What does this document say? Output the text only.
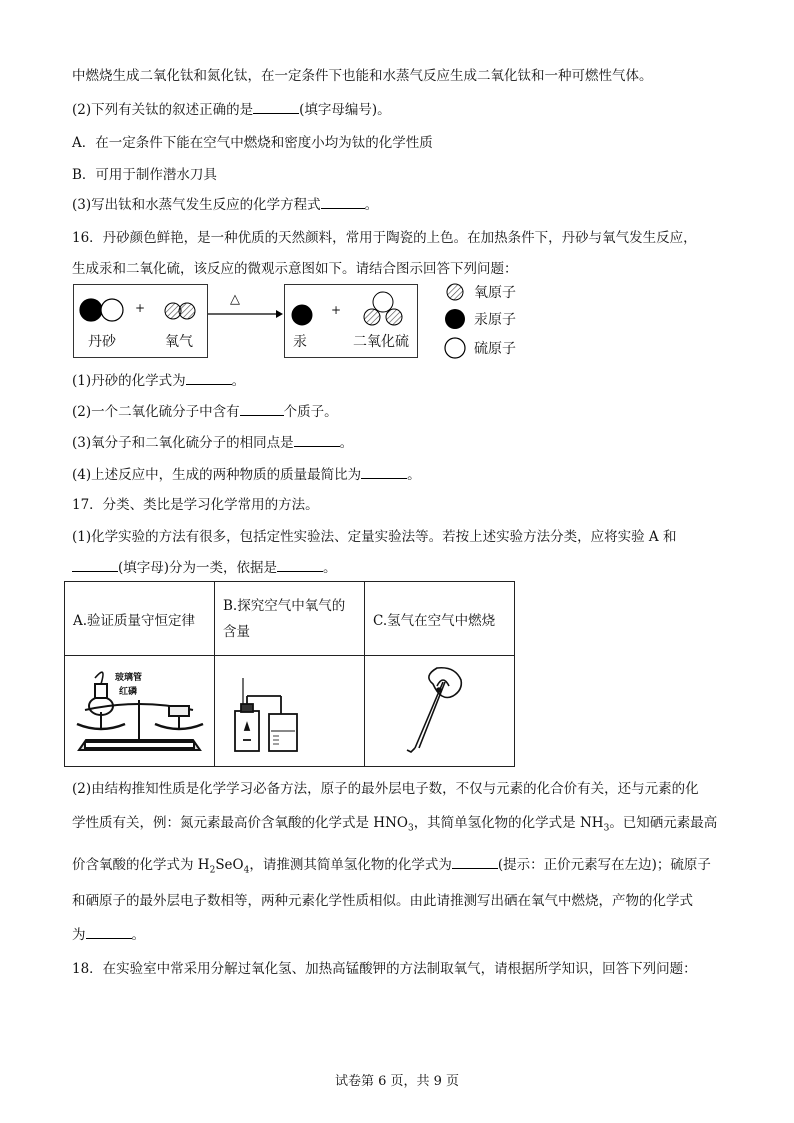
中燃烧生成二氧化钛和氮化钛，在一定条件下也能和水蒸气反应生成二氧化钛和一种可燃性气体。
(2)下列有关钛的叙述正确的是	(填字母编号)。
A．在一定条件下能在空气中燃烧和密度小均为钛的化学性质
B．可用于制作潜水刀具
(3)写出钛和水蒸气发生反应的化学方程式	。
16．丹砂颜色鲜艳，是一种优质的天然颜料，常用于陶瓷的上色。在加热条件下，丹砂与氧气发生反应，
生成汞和二氧化硫，该反应的微观示意图如下。请结合图示回答下列问题：
+
丹砂	氧气
△
+
汞	二氧化硫
氧原子
汞原子
硫原子
(1)丹砂的化学式为	。
(2)一个二氧化硫分子中含有	个质子。
(3)氧分子和二氧化硫分子的相同点是	。
(4)上述反应中，生成的两种物质的质量最简比为	。
17．分类、类比是学习化学常用的方法。
(1)化学实验的方法有很多，包括定性实验法、定量实验法等。若按上述实验方法分类，应将实验 A 和
(填字母)分为一类，依据是	。
A.验证质量守恒定律	B.探究空气中氧气的
含量	C.氢气在空气中燃烧

玻璃管
红磷

(2)由结构推知性质是化学学习必备方法，原子的最外层电子数，不仅与元素的化合价有关，还与元素的化
学性质有关，例：氮元素最高价含氧酸的化学式是 $HNO_3$，其简单氢化物的化学式是 $NH_3$。已知硒元素最高
价含氧酸的化学式为 $H_2SeO_4$，请推测其简单氢化物的化学式为	(提示：正价元素写在左边)；硫原子
和硒原子的最外层电子数相等，两种元素化学性质相似。由此请推测写出硒在氧气中燃烧，产物的化学式
为	。
18．在实验室中常采用分解过氧化氢、加热高锰酸钾的方法制取氧气，请根据所学知识，回答下列问题：
试卷第 6 页，共 9 页
